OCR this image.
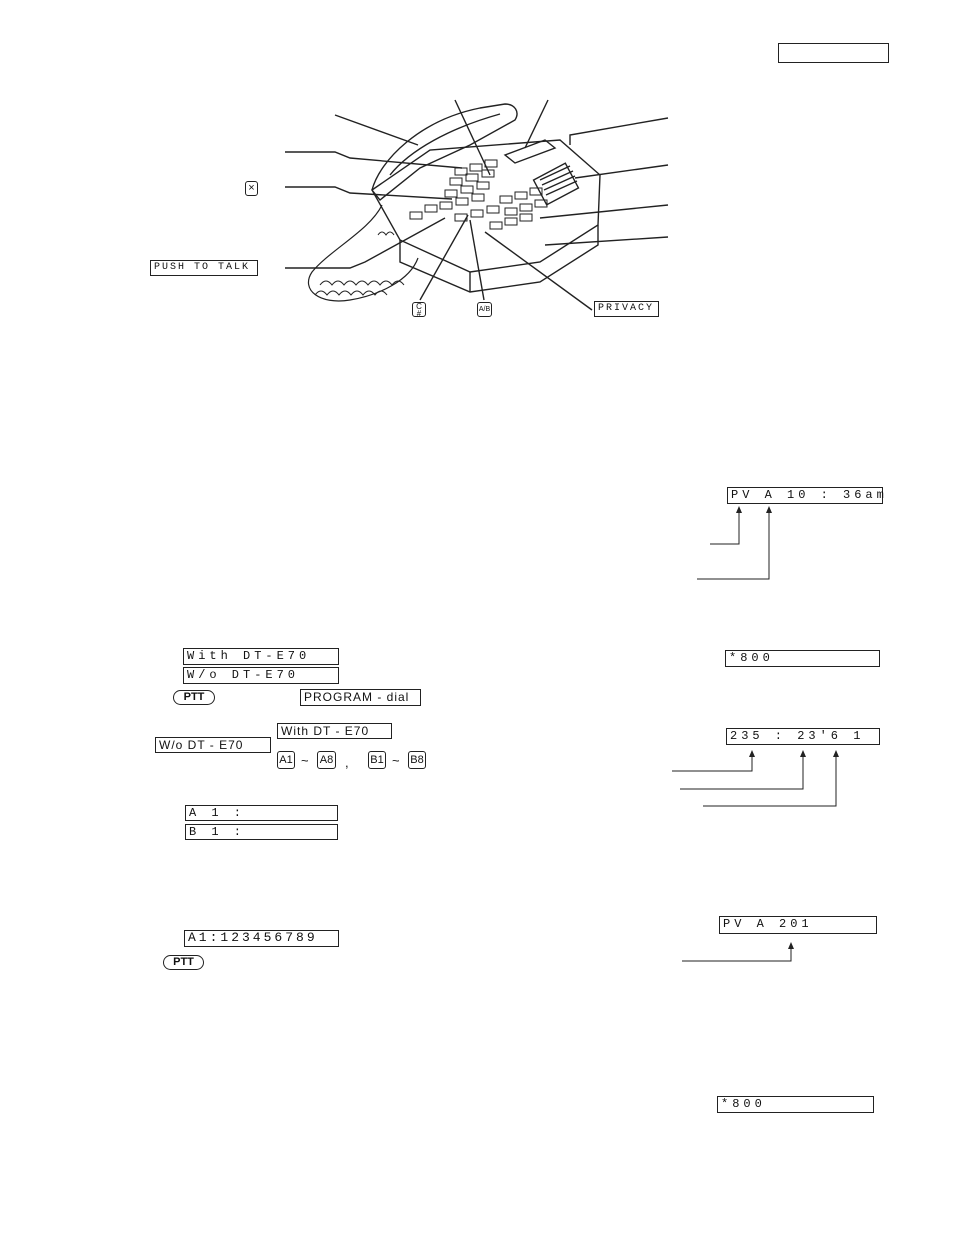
×
PUSH TO TALK
C
#	A/B	PRIVACY
PV A 10 : 36am
*800
With DT-E70
W/o DT-E70
PTT	PROGRAM - dial
With DT - E70
W/o DT - E70
A1 ~ A8 , B1 ~ B8
235 : 23'6 1
A 1 :
B 1 :
A1:123456789
PTT
PV A 201
*800
